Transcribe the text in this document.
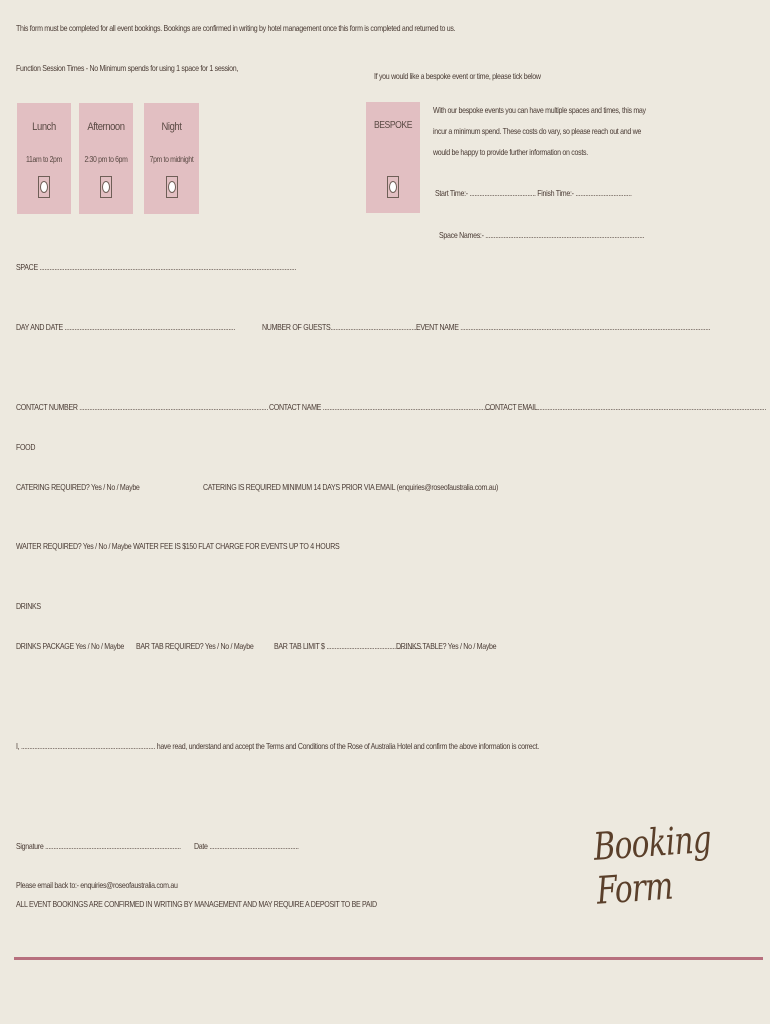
This form must be completed for all event bookings. Bookings are confirmed in writing by hotel management once this form is completed and returned to us.
Function Session Times - No Minimum spends for using 1 space for 1 session,
If you would like a bespoke event or time, please tick below
Lunch
11am to 2pm
Afternoon
2:30 pm to 6pm
Night
7pm to midnight
BESPOKE
With our bespoke events you can have multiple spaces and times, this may
incur a minimum spend. These costs do vary, so please reach out and we
would be happy to provide further information on costs.
Start Time:- ........................................ Finish Time:- ..................................
Space Names:- ................................................................................................
SPACE ...........................................................................................................................................................
DAY AND DATE .......................................................................................................	NUMBER OF GUESTS.....................................................
EVENT NAME .......................................................................................................................................................
CONTACT NUMBER .................................................................................................................. CONTACT NAME .......................................................................................................
CONTACT EMAIL..........................................................................................................................................
FOOD
CATERING REQUIRED? Yes / No / Maybe	CATERING IS REQUIRED MINIMUM 14 DAYS PRIOR VIA EMAIL (enquiries@roseofaustralia.com.au)
WAITER REQUIRED? Yes / No / Maybe WAITER FEE IS $150 FLAT CHARGE FOR EVENTS UP TO 4 HOURS
DRINKS
DRINKS PACKAGE Yes / No / Maybe BAR TAB REQUIRED? Yes / No / Maybe	BAR TAB LIMIT $ ..........................................................
DRINKS TABLE? Yes / No / Maybe
I, ................................................................................. have read, understand and accept the Terms and Conditions of the Rose of Australia Hotel and confirm the above information is correct.
Signature .................................................................................. Date ......................................................
Please email back to:- enquiries@roseofaustralia.com.au
ALL EVENT BOOKINGS ARE CONFIRMED IN WRITING BY MANAGEMENT AND MAY REQUIRE A DEPOSIT TO BE PAID
Booking Form
